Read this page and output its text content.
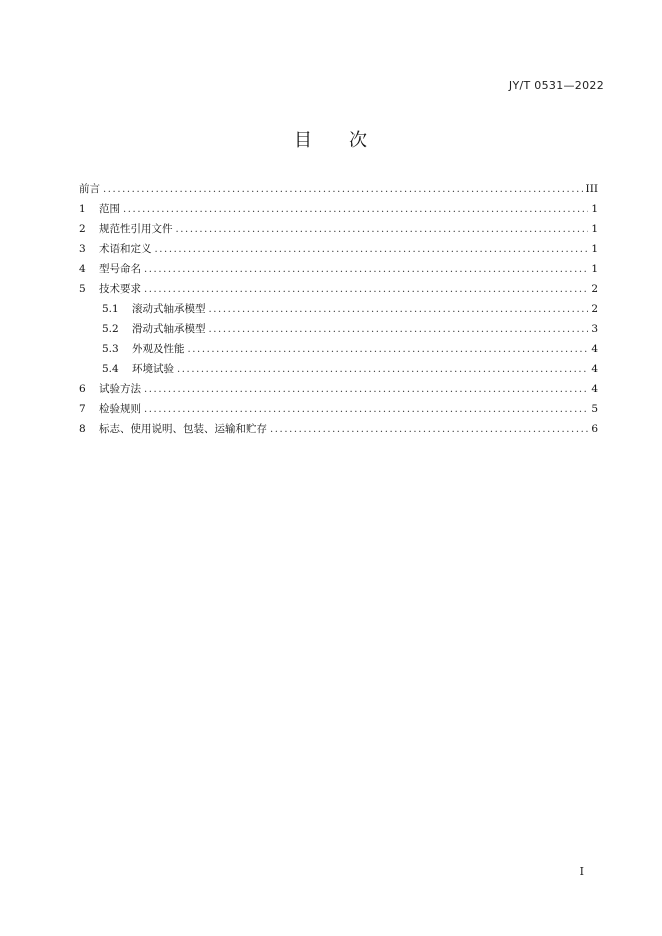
JY/T 0531—2022
目 次
前言 .....	III
1	范围 .....	1
2	规范性引用文件 .....	1
3	术语和定义 .....	1
4	型号命名 .....	1
5	技术要求 .....	2
5.1	滚动式轴承模型 .....	2
5.2	滑动式轴承模型 .....	3
5.3	外观及性能 .....	4
5.4	环境试验 .....	4
6	试验方法 .....	4
7	检验规则 .....	5
8	标志、使用说明、包装、运输和贮存 .....	6
I
